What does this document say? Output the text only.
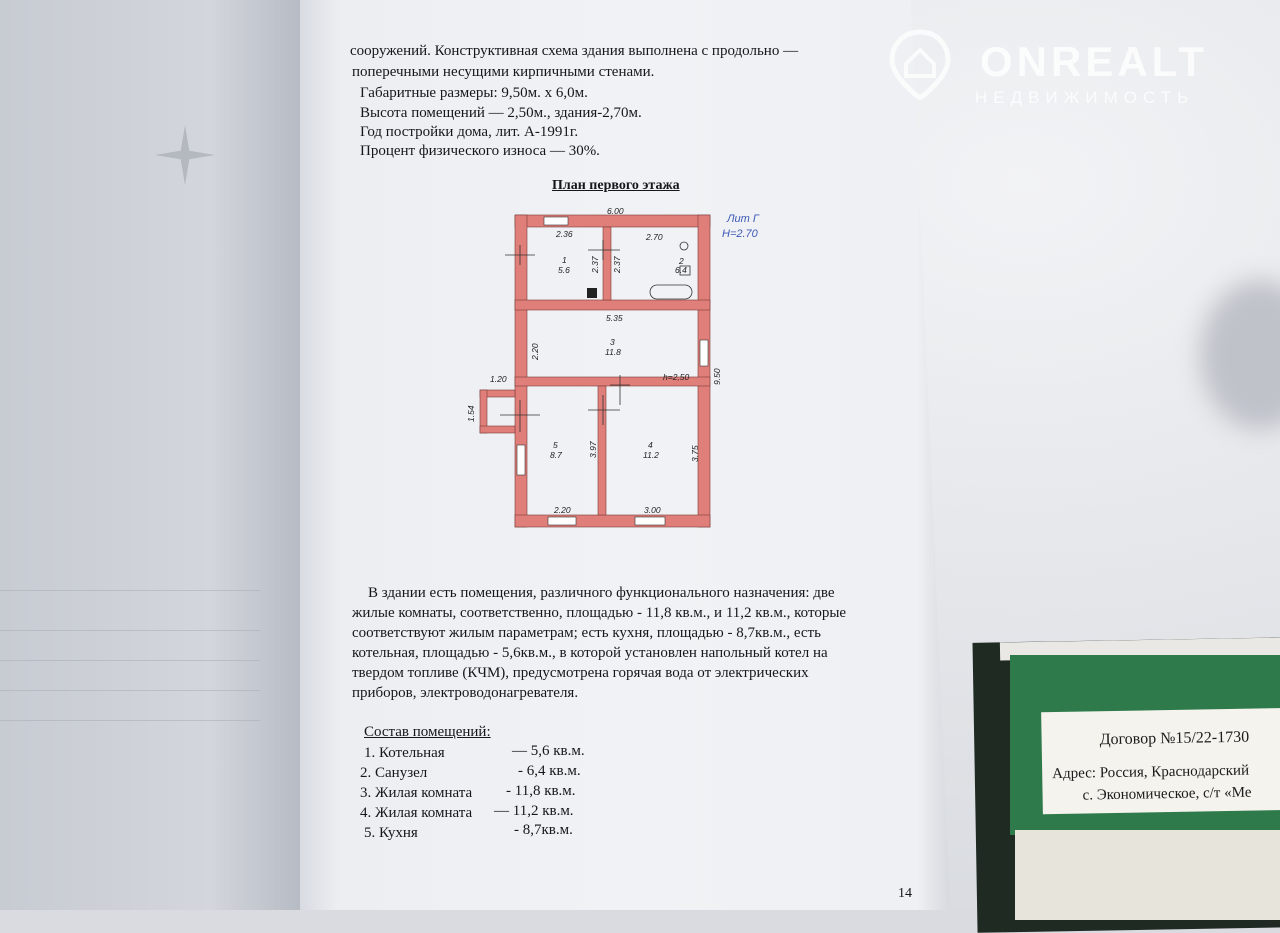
сооружений. Конструктивная схема здания выполнена с продольно —
поперечными несущими кирпичными стенами.
Габаритные размеры: 9,50м. х 6,0м.
Высота помещений — 2,50м., здания-2,70м.
Год постройки дома, лит. А-1991г.
Процент физического износа — 30%.
План первого этажа
6.00
2.36	2.70
2.37 2.37
5.35
2.20
1.20
1.54
3.97	3.75
2.20	3.00
9.50
h=2,50
1
5.6
2
6.4
3
11.8
4
11.2
5
8.7
Лит Г
Н=2.70
В здании есть помещения, различного функционального назначения: две
жилые комнаты, соответственно, площадью - 11,8 кв.м., и 11,2 кв.м., которые
соответствуют жилым параметрам; есть кухня, площадью - 8,7кв.м., есть
котельная, площадью - 5,6кв.м., в которой установлен напольный котел на
твердом топливе (КЧМ), предусмотрена горячая вода от электрических
приборов, электроводонагревателя.
Состав помещений:
1. Котельная	— 5,6 кв.м.
2. Санузел	- 6,4 кв.м.
3. Жилая комната - 11,8 кв.м.
4. Жилая комната — 11,2 кв.м.
5. Кухня	- 8,7кв.м.
14
ONREALT
НЕДВИЖИМОСТЬ
Договор №15/22-1730
Адрес: Россия, Краснодарский
с. Экономическое, с/т «Ме
